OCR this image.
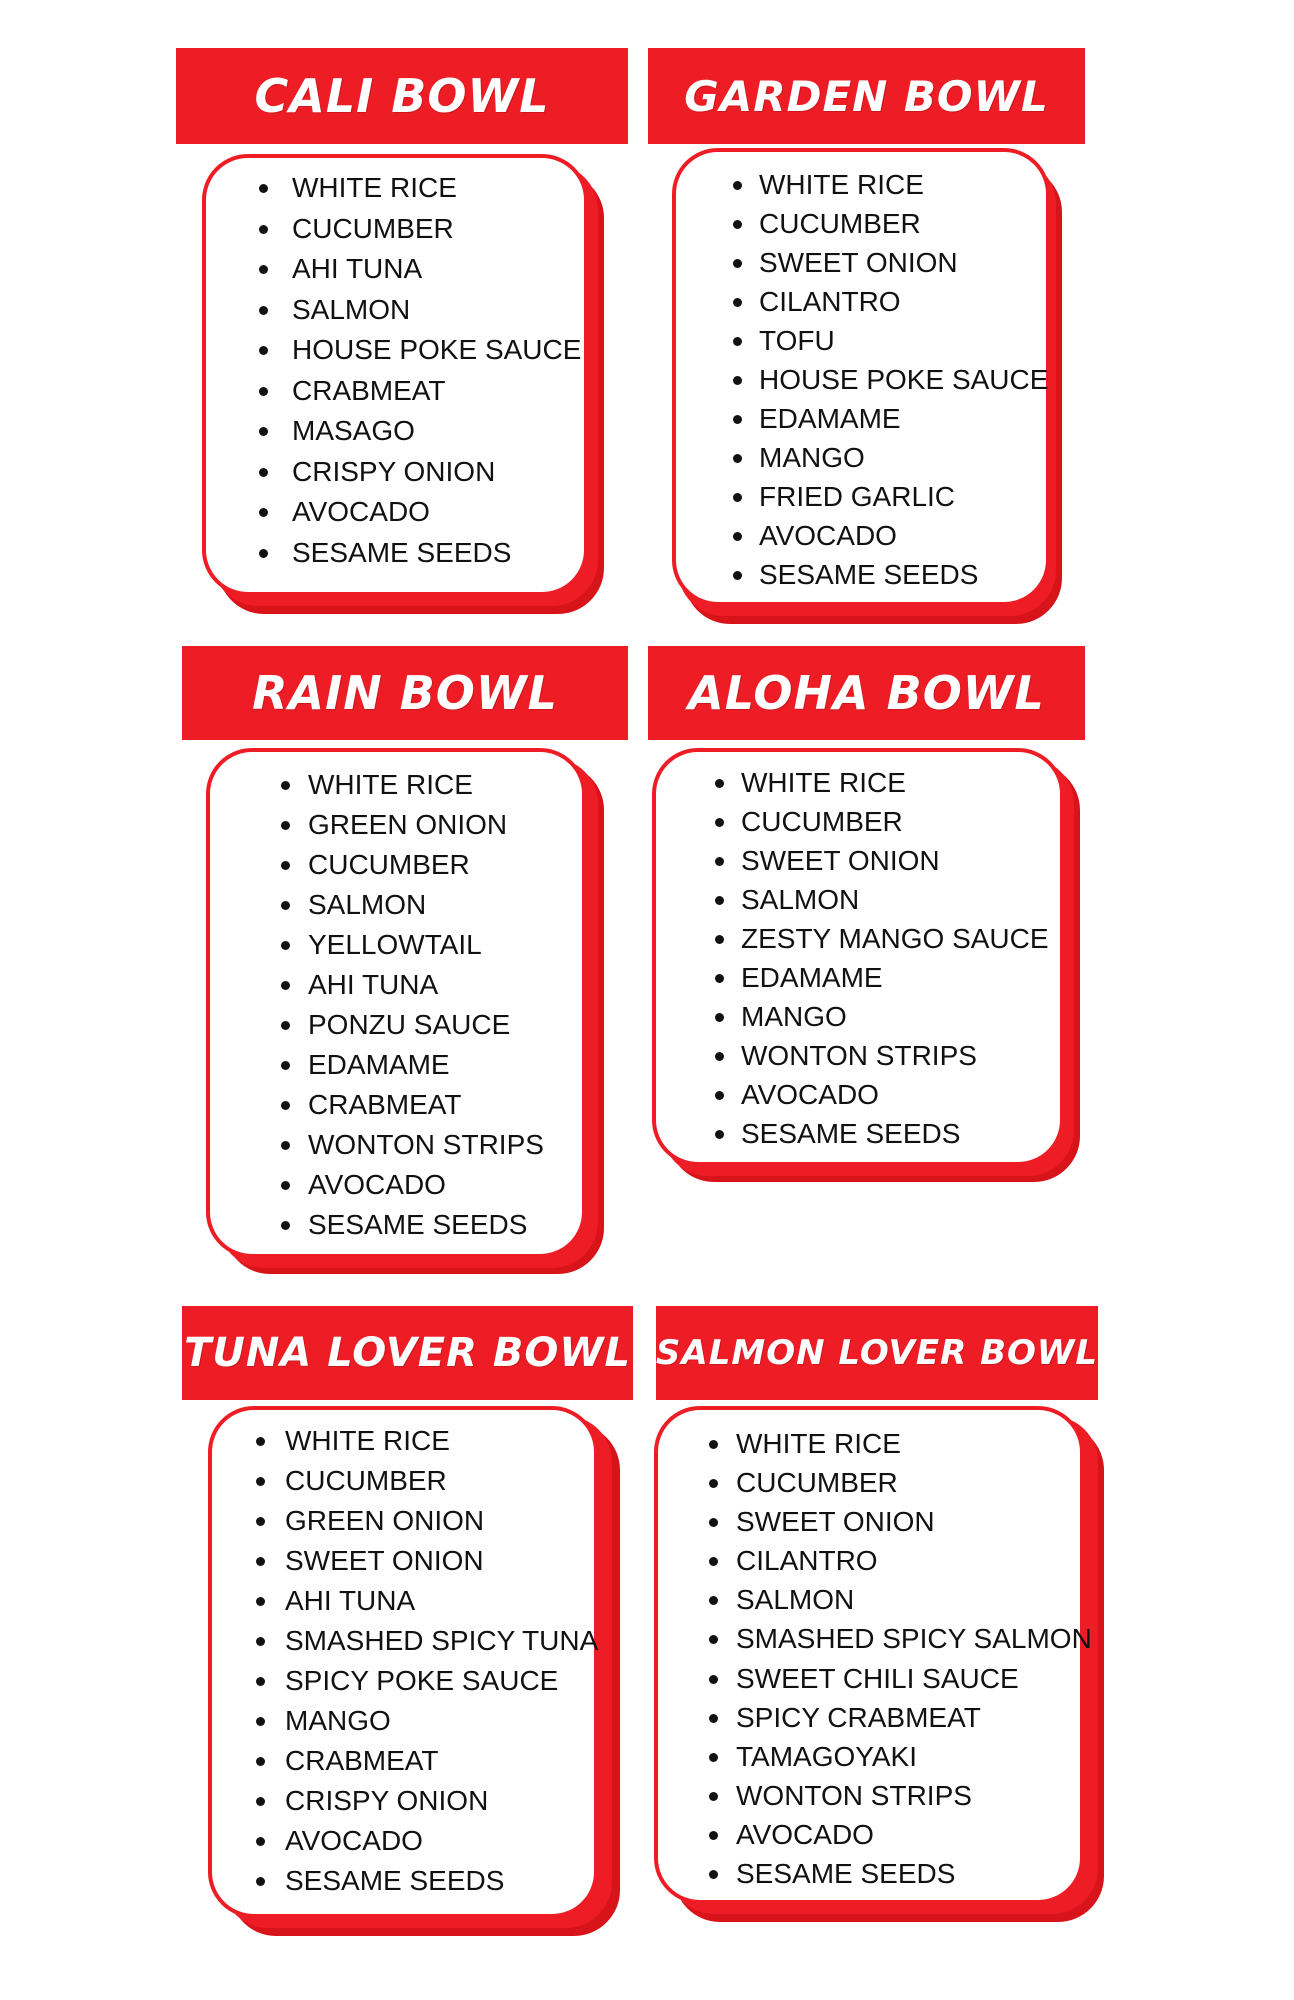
CALI BOWL
WHITE RICE
CUCUMBER
AHI TUNA
SALMON
HOUSE POKE SAUCE
CRABMEAT
MASAGO
CRISPY ONION
AVOCADO
SESAME SEEDS
GARDEN BOWL
WHITE RICE
CUCUMBER
SWEET ONION
CILANTRO
TOFU
HOUSE POKE SAUCE
EDAMAME
MANGO
FRIED GARLIC
AVOCADO
SESAME SEEDS
RAIN BOWL
WHITE RICE
GREEN ONION
CUCUMBER
SALMON
YELLOWTAIL
AHI TUNA
PONZU SAUCE
EDAMAME
CRABMEAT
WONTON STRIPS
AVOCADO
SESAME SEEDS
ALOHA BOWL
WHITE RICE
CUCUMBER
SWEET ONION
SALMON
ZESTY MANGO SAUCE
EDAMAME
MANGO
WONTON STRIPS
AVOCADO
SESAME SEEDS
TUNA LOVER BOWL
WHITE RICE
CUCUMBER
GREEN ONION
SWEET ONION
AHI TUNA
SMASHED SPICY TUNA
SPICY POKE SAUCE
MANGO
CRABMEAT
CRISPY ONION
AVOCADO
SESAME SEEDS
SALMON LOVER BOWL
WHITE RICE
CUCUMBER
SWEET ONION
CILANTRO
SALMON
SMASHED SPICY SALMON
SWEET CHILI SAUCE
SPICY CRABMEAT
TAMAGOYAKI
WONTON STRIPS
AVOCADO
SESAME SEEDS
